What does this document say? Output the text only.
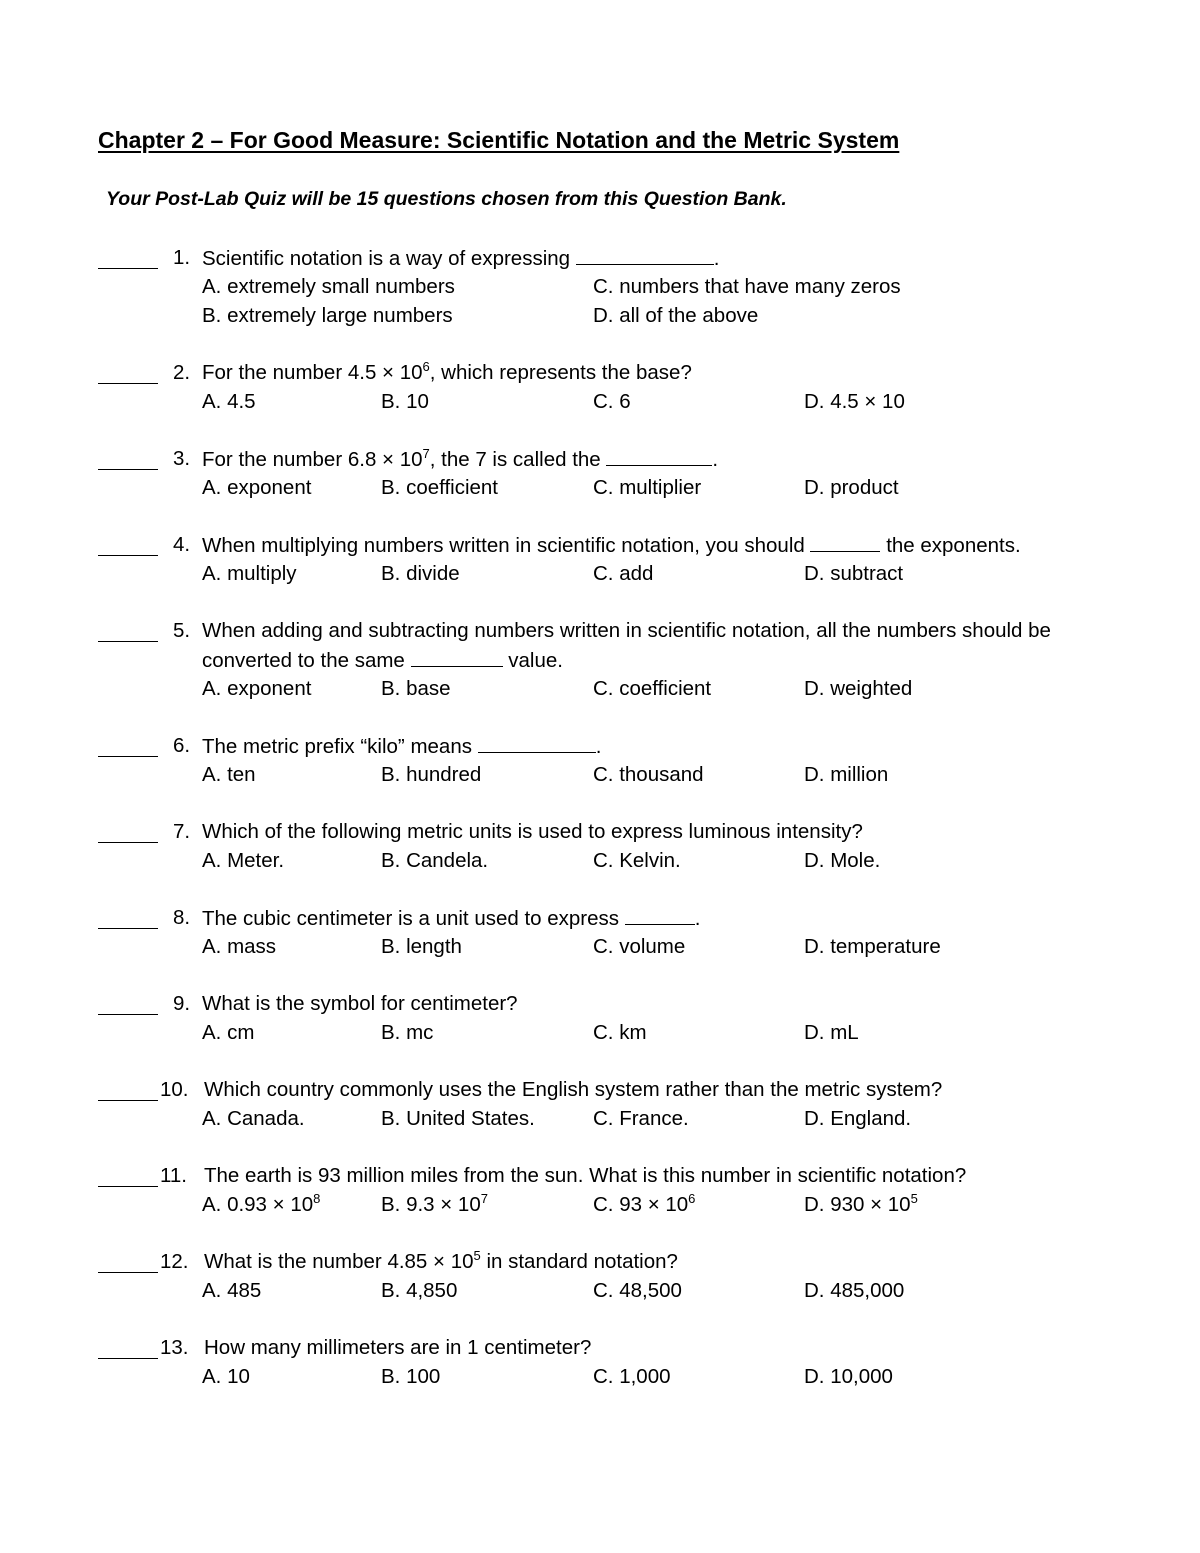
Chapter 2 – For Good Measure: Scientific Notation and the Metric System
Your Post-Lab Quiz will be 15 questions chosen from this Question Bank.
1. Scientific notation is a way of expressing	.
A. extremely small numbers	C. numbers that have many zeros
B. extremely large numbers	D. all of the above
2. For the number $4.5 \times 10^6$, which represents the base?
A. 4.5	B. 10	C. 6	D. 4.5 × 10
3. For the number $6.8 \times 10^7$, the 7 is called the	.
A. exponent	B. coefficient	C. multiplier	D. product
4. When multiplying numbers written in scientific notation, you should	the exponents.
A. multiply	B. divide	C. add	D. subtract
5. When adding and subtracting numbers written in scientific notation, all the numbers should be
converted to the same	value.
A. exponent	B. base	C. coefficient	D. weighted
6. The metric prefix “kilo” means	.
A. ten	B. hundred	C. thousand	D. million
7. Which of the following metric units is used to express luminous intensity?
A. Meter.	B. Candela.	C. Kelvin.	D. Mole.
8. The cubic centimeter is a unit used to express	.
A. mass	B. length	C. volume	D. temperature
9. What is the symbol for centimeter?
A. cm	B. mc	C. km	D. mL
10. Which country commonly uses the English system rather than the metric system?
A. Canada.	B. United States.	C. France.	D. England.
11. The earth is 93 million miles from the sun. What is this number in scientific notation?
A. $0.93 \times 10^8$	B. $9.3 \times 10^7$	C. $93 \times 10^6$	D. $930 \times 10^5$
12. What is the number $4.85 \times 10^5$ in standard notation?
A. 485	B. 4,850	C. 48,500	D. 485,000
13. How many millimeters are in 1 centimeter?
A. 10	B. 100	C. 1,000	D. 10,000
